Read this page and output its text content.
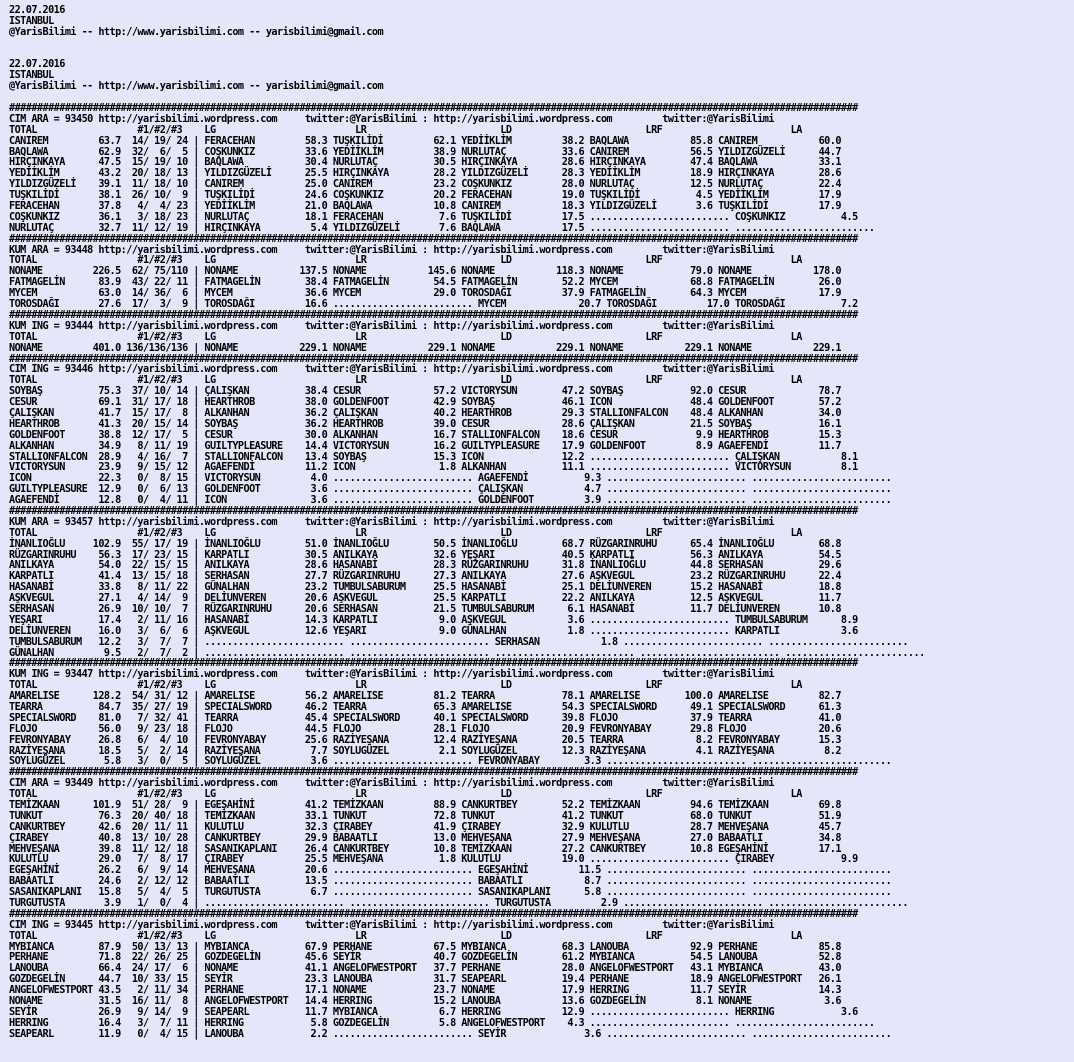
22.07.2016
ISTANBUL
@YarisBilimi -- http://www.yarisbilimi.com -- yarisbilimi@gmail.com

22.07.2016
ISTANBUL
@YarisBilimi -- http://www.yarisbilimi.com -- yarisbilimi@gmail.com

########################################################################################################################################################
CIM ARA = 93450 http://yarisbilimi.wordpress.com     twitter:@YarisBilimi : http://yarisbilimi.wordpress.com         twitter:@YarisBilimi
TOTAL                  #1/#2/#3    LG                         LR                        LD                        LRF                       LA
CANIREM         63.7  14/ 19/ 24 | FERACEHAN         58.3 TUŞKILİDİ         62.1 YEDİİKLİM         38.2 BAQLAWA           85.8 CANIREM           60.0
BAQLAWA         62.9  32/  6/  5 | COŞKUNKIZ         33.6 YEDİİKLİM         38.9 NURLUTAÇ          33.6 CANIREM           56.5 YILDIZGÜZELİ      44.7
HIRÇINKAYA      47.5  15/ 19/ 10 | BAQLAWA           30.4 NURLUTAÇ          30.5 HIRÇINKAYA        28.6 HIRÇINKAYA        47.4 BAQLAWA           33.1
YEDİİKLİM       43.2  20/ 18/ 13 | YILDIZGÜZELİ      25.5 HIRÇINKAYA        28.2 YILDIZGÜZELİ      28.3 YEDİİKLİM         18.9 HIRÇINKAYA        28.6
YILDIZGÜZELİ    39.1  11/ 18/ 10 | CANIREM           25.0 CANIREM           23.2 COŞKUNKIZ         28.0 NURLUTAÇ          12.5 NURLUTAÇ          22.4
TUŞKILİDİ       38.1  26/ 10/  9 | TUŞKILİDİ         24.6 COŞKUNKIZ         20.2 FERACEHAN         19.0 TUŞKILİDİ          4.5 YEDİİKLİM         17.9
FERACEHAN       37.8   4/  4/ 23 | YEDİİKLİM         21.0 BAQLAWA           10.8 CANIREM           18.3 YILDIZGÜZELİ       3.6 TUŞKILİDİ         17.9
COŞKUNKIZ       36.1   3/ 18/ 23 | NURLUTAÇ          18.1 FERACEHAN          7.6 TUŞKILİDİ         17.5 ......................... COŞKUNKIZ          4.5
NURLUTAÇ        32.7  11/ 12/ 19 | HIRÇINKAYA         5.4 YILDIZGÜZELİ       7.6 BAQLAWA           17.5 ......................... .........................
########################################################################################################################################################
KUM ARA = 93448 http://yarisbilimi.wordpress.com     twitter:@YarisBilimi : http://yarisbilimi.wordpress.com         twitter:@YarisBilimi
TOTAL                  #1/#2/#3    LG                         LR                        LD                        LRF                       LA
NONAME         226.5  62/ 75/110 | NONAME           137.5 NONAME           145.6 NONAME           118.3 NONAME            79.0 NONAME           178.0
FATMAGELİN      83.9  43/ 22/ 11 | FATMAGELİN        38.4 FATMAGELİN        54.5 FATMAGELİN        52.2 MYCEM             68.8 FATMAGELİN        26.0
MYCEM           63.0  14/ 36/  6 | MYCEM             36.6 MYCEM             29.0 TOROSDAĞI         37.9 FATMAGELİN        64.3 MYCEM             17.9
TOROSDAĞI       27.6  17/  3/  9 | TOROSDAĞI         16.6 ......................... MYCEM             20.7 TOROSDAĞI         17.0 TOROSDAĞI          7.2
########################################################################################################################################################
KUM ING = 93444 http://yarisbilimi.wordpress.com     twitter:@YarisBilimi : http://yarisbilimi.wordpress.com         twitter:@YarisBilimi
TOTAL                  #1/#2/#3    LG                         LR                        LD                        LRF                       LA
NONAME         401.0 136/136/136 | NONAME           229.1 NONAME           229.1 NONAME           229.1 NONAME           229.1 NONAME           229.1
########################################################################################################################################################
CIM ING = 93446 http://yarisbilimi.wordpress.com     twitter:@YarisBilimi : http://yarisbilimi.wordpress.com         twitter:@YarisBilimi
TOTAL                  #1/#2/#3    LG                         LR                        LD                        LRF                       LA
SOYBAŞ          75.3  37/ 10/ 14 | ÇALIŞKAN          38.4 CESUR             57.2 VICTORYSUN        47.2 SOYBAŞ            92.0 CESUR             78.7
CESUR           69.1  31/ 17/ 18 | HEARTHROB         38.0 GOLDENFOOT        42.9 SOYBAŞ            46.1 ICON              48.4 GOLDENFOOT        57.2
ÇALIŞKAN        41.7  15/ 17/  8 | ALKANHAN          36.2 ÇALIŞKAN          40.2 HEARTHROB         29.3 STALLIONFALCON    48.4 ALKANHAN          34.0
HEARTHROB       41.3  20/ 15/ 14 | SOYBAŞ            36.2 HEARTHROB         39.0 CESUR             28.6 ÇALIŞKAN          21.5 SOYBAŞ            16.1
GOLDENFOOT      38.8  12/ 17/  5 | CESUR             30.0 ALKANHAN          16.7 STALLIONFALCON    18.6 CESUR              9.9 HEARTHROB         15.3
ALKANHAN        34.9   8/ 11/ 19 | GUILTYPLEASURE    14.4 VICTORYSUN        16.2 GUILTYPLEASURE    17.9 GOLDENFOOT         8.9 AGAEFENDİ         11.7
STALLIONFALCON  28.9   4/ 16/  7 | STALLIONFALCON    13.4 SOYBAŞ            15.3 ICON              12.2 ......................... ÇALIŞKAN           8.1
VICTORYSUN      23.9   9/ 15/ 12 | AGAEFENDİ         11.2 ICON               1.8 ALKANHAN          11.1 ......................... VICTORYSUN         8.1
ICON            22.3   0/  8/ 15 | VICTORYSUN         4.0 ......................... AGAEFENDİ          9.3 ......................... .........................
GUILTYPLEASURE  12.9   0/  6/ 13 | GOLDENFOOT         3.6 ......................... ÇALIŞKAN           4.7 ......................... .........................
AGAEFENDİ       12.8   0/  4/ 11 | ICON               3.6 ......................... GOLDENFOOT         3.9 ......................... .........................
########################################################################################################################################################
KUM ARA = 93457 http://yarisbilimi.wordpress.com     twitter:@YarisBilimi : http://yarisbilimi.wordpress.com         twitter:@YarisBilimi
TOTAL                  #1/#2/#3    LG                         LR                        LD                        LRF                       LA
İNANLIOĞLU     102.9  55/ 17/ 19 | İNANLIOĞLU        51.0 İNANLIOĞLU        50.5 İNANLIOĞLU        68.7 RÜZGARINRUHU      65.4 İNANLIOĞLU        68.8
RÜZGARINRUHU    56.3  17/ 23/ 15 | KARPATLI          30.5 ANILKAYA          32.6 YEŞARI            40.5 KARPATLI          56.3 ANILKAYA          54.5
ANILKAYA        54.0  22/ 15/ 15 | ANILKAYA          28.6 HASANABİ          28.3 RÜZGARINRUHU      31.8 İNANLIOĞLU        44.8 SERHASAN          29.6
KARPATLI        41.4  13/ 15/ 18 | SERHASAN          27.7 RÜZGARINRUHU      27.3 ANILKAYA          27.6 AŞKVEGUL          23.2 RÜZGARINRUHU      22.4
HASANABİ        33.8   8/ 11/ 22 | GÜNALHAN          23.2 TUMBULSABURUM     25.5 HASANABİ          25.1 DELİUNVEREN       15.2 HASANABİ          18.8
AŞKVEGUL        27.1   4/ 14/  9 | DELİUNVEREN       20.6 AŞKVEGUL          25.5 KARPATLI          22.2 ANILKAYA          12.5 AŞKVEGUL          11.7
SERHASAN        26.9  10/ 10/  7 | RÜZGARINRUHU      20.6 SERHASAN          21.5 TUMBULSABURUM      6.1 HASANABİ          11.7 DELİUNVEREN       10.8
YEŞARI          17.4   2/ 11/ 16 | HASANABİ          14.3 KARPATLI           9.0 AŞKVEGUL           3.6 ......................... TUMBULSABURUM      8.9
DELİUNVEREN     16.0   3/  6/  6 | AŞKVEGUL          12.6 YEŞARI             9.0 GÜNALHAN           1.8 ......................... KARPATLI           3.6
TUMBULSABURUM   12.2   3/  7/  7 | ......................... ......................... SERHASAN           1.8 ......................... .........................
GÜNALHAN         9.5   2/  7/  2 | ......................... ......................... ......................... ......................... .........................
########################################################################################################################################################
KUM ING = 93447 http://yarisbilimi.wordpress.com     twitter:@YarisBilimi : http://yarisbilimi.wordpress.com         twitter:@YarisBilimi
TOTAL                  #1/#2/#3    LG                         LR                        LD                        LRF                       LA
AMARELISE      128.2  54/ 31/ 12 | AMARELISE         56.2 AMARELISE         81.2 TEARRA            78.1 AMARELISE        100.0 AMARELISE         82.7
TEARRA          84.7  35/ 27/ 19 | SPECIALSWORD      46.2 TEARRA            65.3 AMARELISE         54.3 SPECIALSWORD      49.1 SPECIALSWORD      61.3
SPECIALSWORD    81.0   7/ 32/ 41 | TEARRA            45.4 SPECIALSWORD      40.1 SPECIALSWORD      39.8 FLOJO             37.9 TEARRA            41.0
FLOJO           56.0   9/ 23/ 18 | FLOJO             44.5 FLOJO             28.1 FLOJO             20.9 FEVRONYABAY       29.8 FLOJO             20.6
FEVRONYABAY     26.8   6/  4/ 10 | FEVRONYABAY       25.6 RAZİYEŞANA        12.4 RAZİYEŞANA        20.5 TEARRA             8.2 FEVRONYABAY       15.3
RAZİYEŞANA      18.5   5/  2/ 14 | RAZİYEŞANA         7.7 SOYLUGÜZEL         2.1 SOYLUGÜZEL        12.3 RAZİYEŞANA         4.1 RAZİYEŞANA         8.2
SOYLUGÜZEL       5.8   3/  0/  5 | SOYLUGÜZEL         3.6 ......................... FEVRONYABAY        3.3 ......................... .........................
########################################################################################################################################################
CIM ARA = 93449 http://yarisbilimi.wordpress.com     twitter:@YarisBilimi : http://yarisbilimi.wordpress.com         twitter:@YarisBilimi
TOTAL                  #1/#2/#3    LG                         LR                        LD                        LRF                       LA
TEMİZKAAN      101.9  51/ 28/  9 | EGEŞAHİNİ         41.2 TEMİZKAAN         88.9 CANKURTBEY        52.2 TEMİZKAAN         94.6 TEMİZKAAN         69.8
TUNKUT          76.3  20/ 40/ 18 | TEMİZKAAN         33.1 TUNKUT            72.8 TUNKUT            41.2 TUNKUT            68.0 TUNKUT            51.9
CANKURTBEY      42.6  20/ 11/ 11 | KULUTLU           32.3 ÇIRABEY           41.9 ÇIRABEY           32.9 KULUTLU           28.7 MEHVEŞANA         45.7
ÇIRABEY         40.8  13/ 10/ 28 | CANKURTBEY        29.9 BABAATLI          13.0 MEHVEŞANA         27.9 MEHVEŞANA         27.0 BABAATLI          34.8
MEHVEŞANA       39.8  11/ 12/ 18 | SASANIKAPLANI     26.4 CANKURTBEY        10.8 TEMİZKAAN         27.2 CANKURTBEY        10.8 EGEŞAHİNİ         17.1
KULUTLU         29.0   7/  8/ 17 | ÇIRABEY           25.5 MEHVEŞANA          1.8 KULUTLU           19.0 ......................... ÇIRABEY            9.9
EGEŞAHİNİ       26.2   6/  9/ 14 | MEHVEŞANA         20.6 ......................... EGEŞAHİNİ         11.5 ......................... .........................
BABAATLI        24.6   2/ 12/ 12 | BABAATLI          13.5 ......................... BABAATLI           8.7 ......................... .........................
SASANIKAPLANI   15.8   5/  4/  5 | TURGUTUSTA         6.7 ......................... SASANIKAPLANI      5.8 ......................... .........................
TURGUTUSTA       3.9   1/  0/  4 | ......................... ......................... TURGUTUSTA         2.9 ......................... .........................
########################################################################################################################################################
CIM ING = 93445 http://yarisbilimi.wordpress.com     twitter:@YarisBilimi : http://yarisbilimi.wordpress.com         twitter:@YarisBilimi
TOTAL                  #1/#2/#3    LG                         LR                        LD                        LRF                       LA
MYBIANCA        87.9  50/ 13/ 13 | MYBIANCA          67.9 PERHANE           67.5 MYBIANCA          68.3 LANOUBA           92.9 PERHANE           85.8
PERHANE         71.8  22/ 26/ 25 | GOZDEGELİN        45.6 SEYİR             40.7 GOZDEGELİN        61.2 MYBIANCA          54.5 LANOUBA           52.8
LANOUBA         66.4  24/ 17/  6 | NONAME            41.1 ANGELOFWESTPORT   37.7 PERHANE           28.0 ANGELOFWESTPORT   43.1 MYBIANCA          43.0
GOZDEGELİN      44.7  10/ 33/ 15 | SEYİR             23.3 LANOUBA           31.7 SEAPEARL          19.4 PERHANE           18.9 ANGELOFWESTPORT   26.1
ANGELOFWESTPORT 43.5   2/ 11/ 34 | PERHANE           17.1 NONAME            23.7 NONAME            17.9 HERRING           11.7 SEYİR             14.3
NONAME          31.5  16/ 11/  8 | ANGELOFWESTPORT   14.4 HERRING           15.2 LANOUBA           13.6 GOZDEGELİN         8.1 NONAME             3.6
SEYİR           26.9   9/ 14/  9 | SEAPEARL          11.7 MYBIANCA           6.7 HERRING           12.9 ......................... HERRING            3.6
HERRING         16.4   3/  7/ 11 | HERRING            5.8 GOZDEGELİN         5.8 ANGELOFWESTPORT    4.3 ......................... .........................
SEAPEARL        11.9   0/  4/ 15 | LANOUBA            2.2 ......................... SEYİR              3.6 ......................... .........................
